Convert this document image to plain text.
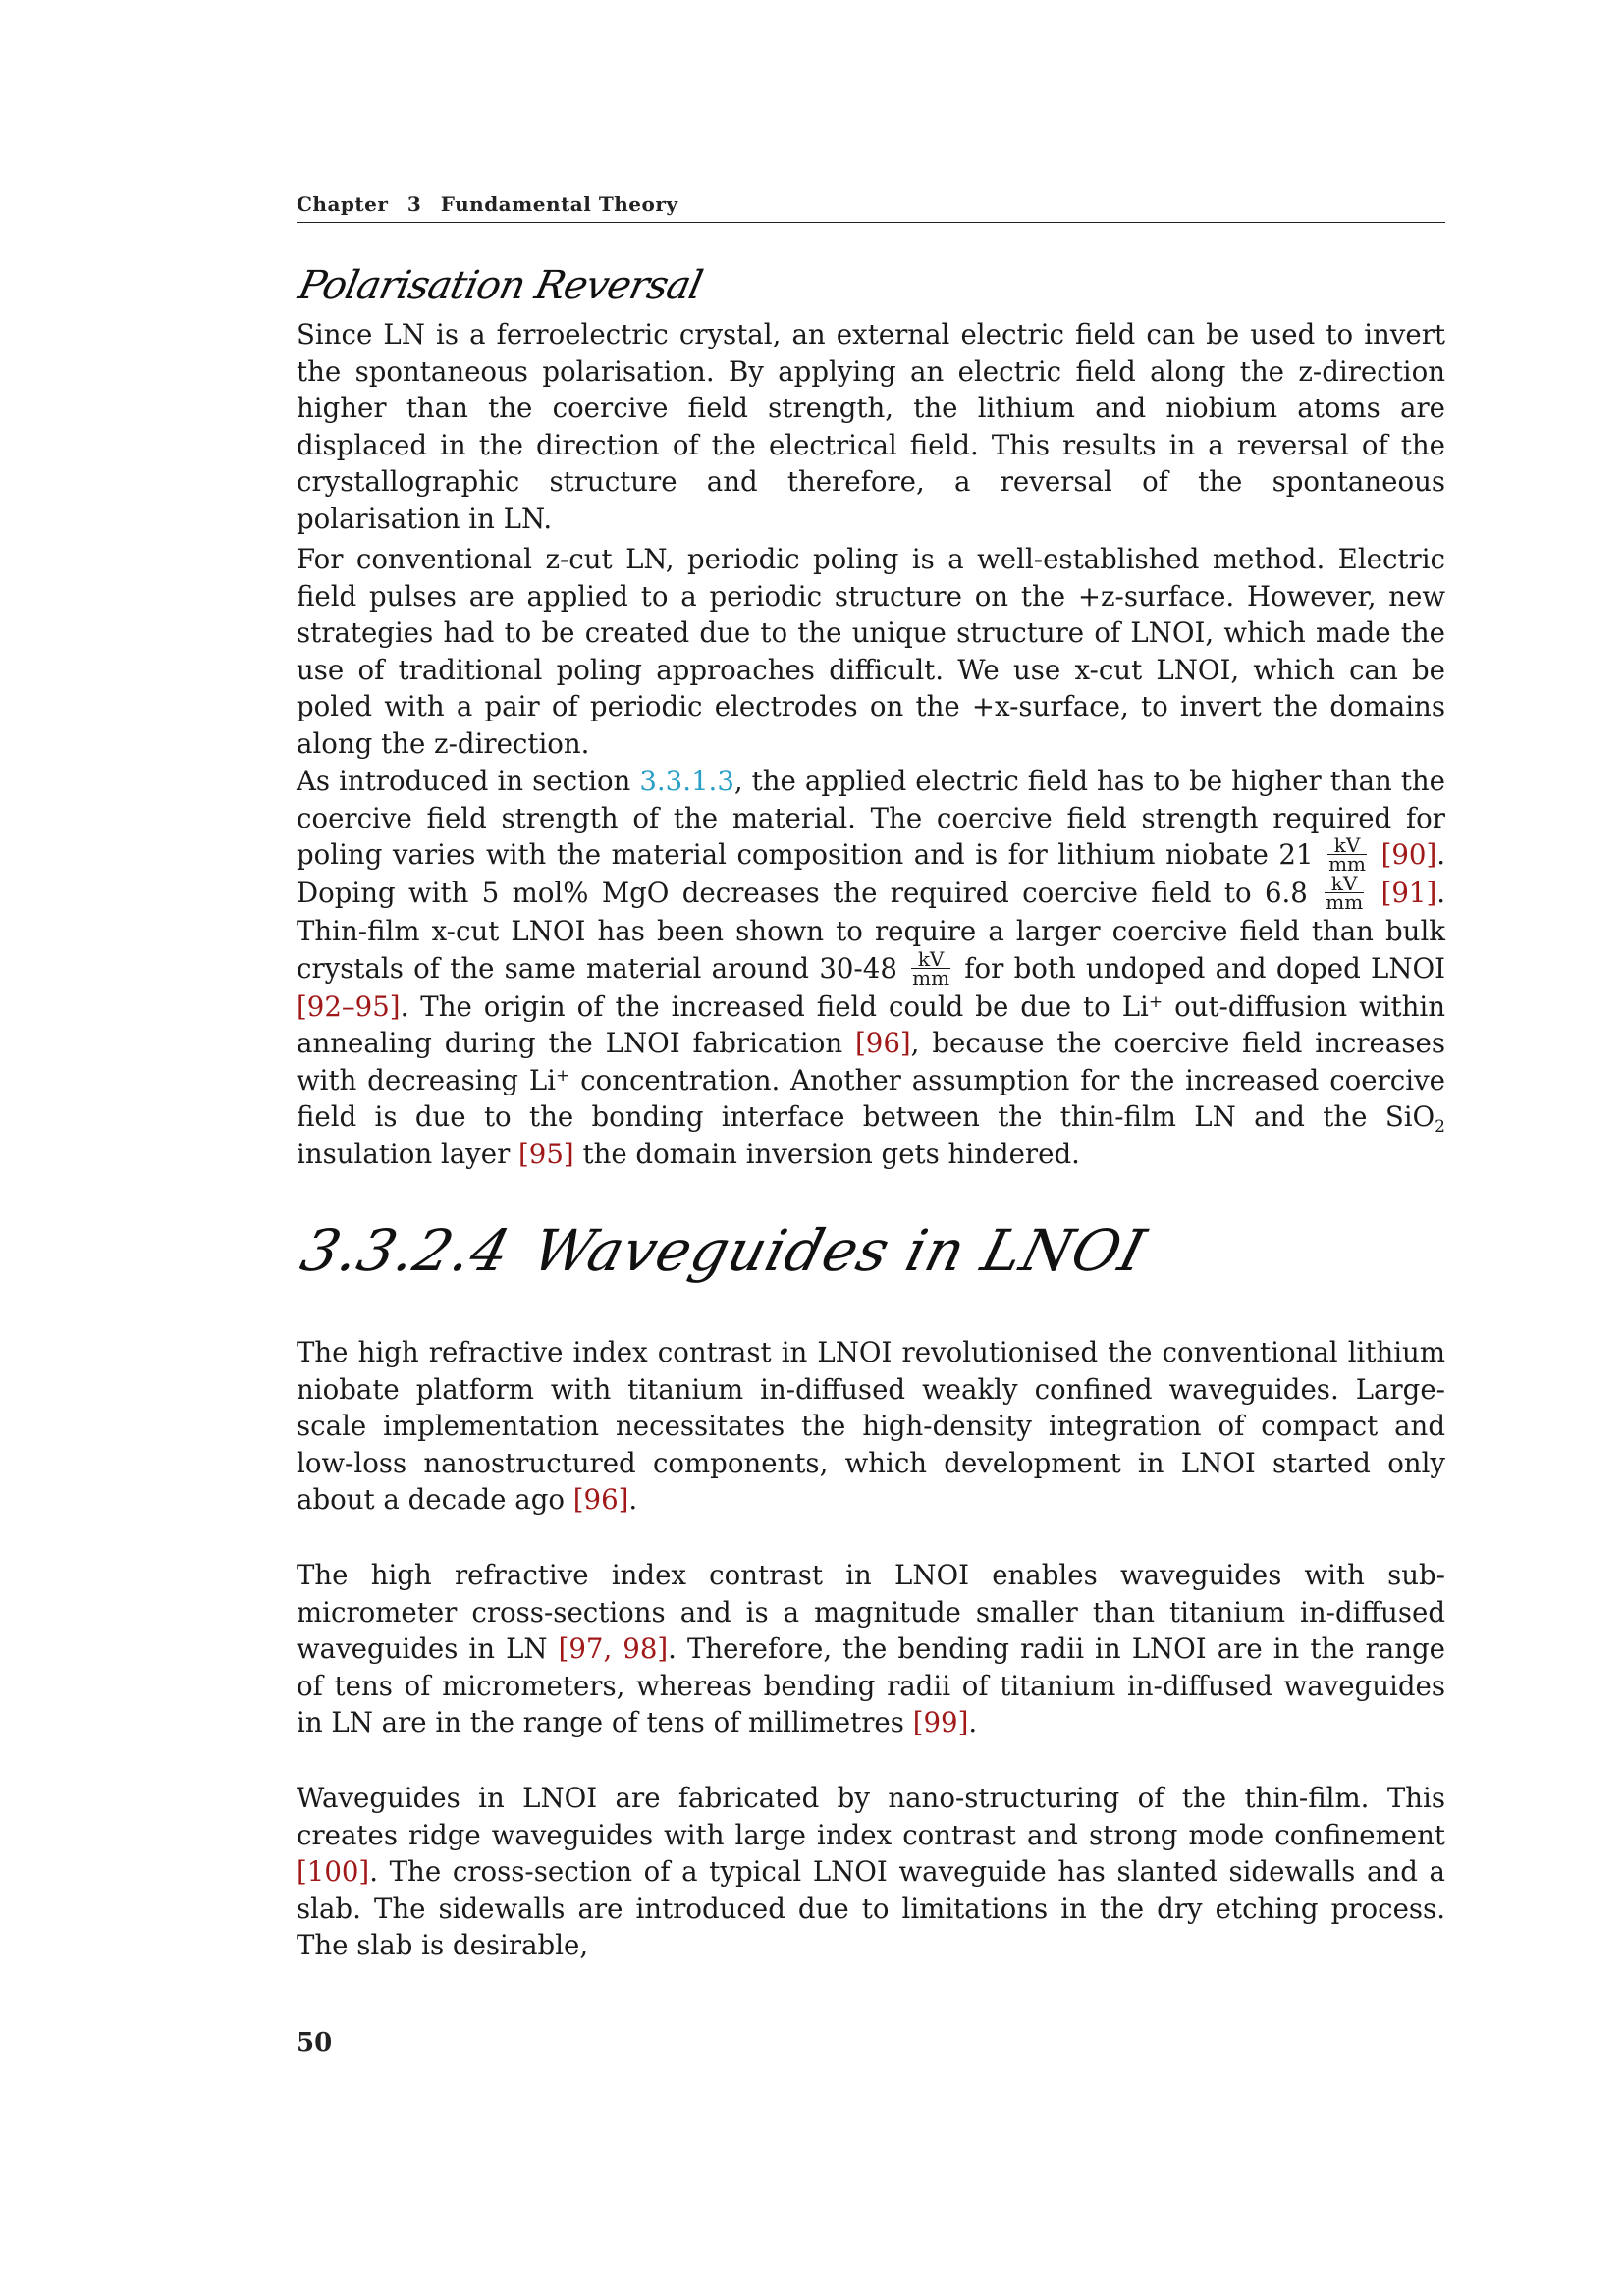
Chapter 3 Fundamental Theory
Polarisation Reversal

Since LN is a ferroelectric crystal, an external electric field can be used to invert the spontaneous polarisation. By applying an electric field along the z-direction higher than the coercive field strength, the lithium and niobium atoms are displaced in the direction of the electrical field. This results in a reversal of the crystallographic structure and therefore, a reversal of the spontaneous polarisation in LN.

For conventional z-cut LN, periodic poling is a well-established method. Electric field pulses are applied to a periodic structure on the +z-surface. However, new strategies had to be created due to the unique structure of LNOI, which made the use of traditional poling approaches difficult. We use x-cut LNOI, which can be poled with a pair of periodic electrodes on the +x-surface, to invert the domains along the z-direction.

As introduced in section 3.3.1.3, the applied electric field has to be higher than the coercive field strength of the material. The coercive field strength required for poling varies with the material composition and is for lithium niobate $21 \frac{kV}{mm} [90]$. Doping with 5 mol% MgO decreases the required coercive field to $6.8 \frac{kV}{mm} [91]$. Thin-film x-cut LNOI has been shown to require a larger coercive field than bulk crystals of the same material around $30-48 \frac{kV}{mm}$ for both undoped and doped LNOI [92–95]. The origin of the increased field could be due to Li+ out-diffusion within annealing during the LNOI fabrication [96], because the coercive field increases with decreasing Li+ concentration. Another assumption for the increased coercive field is due to the bonding interface between the thin-film LN and the SiO$_2$ insulation layer [95] the domain inversion gets hindered.

3.3.2.4 Waveguides in LNOI

The high refractive index contrast in LNOI revolutionised the conventional lithium niobate platform with titanium in-diffused weakly confined waveguides. Large-scale implementation necessitates the high-density integration of compact and low-loss nanostructured components, which development in LNOI started only about a decade ago [96].

The high refractive index contrast in LNOI enables waveguides with sub-micrometer cross-sections and is a magnitude smaller than titanium in-diffused waveguides in LN [97, 98]. Therefore, the bending radii in LNOI are in the range of tens of micrometers, whereas bending radii of titanium in-diffused waveguides in LN are in the range of tens of millimetres [99].

Waveguides in LNOI are fabricated by nano-structuring of the thin-film. This creates ridge waveguides with large index contrast and strong mode confinement [100]. The cross-section of a typical LNOI waveguide has slanted sidewalls and a slab. The sidewalls are introduced due to limitations in the dry etching process. The slab is desirable,

50
